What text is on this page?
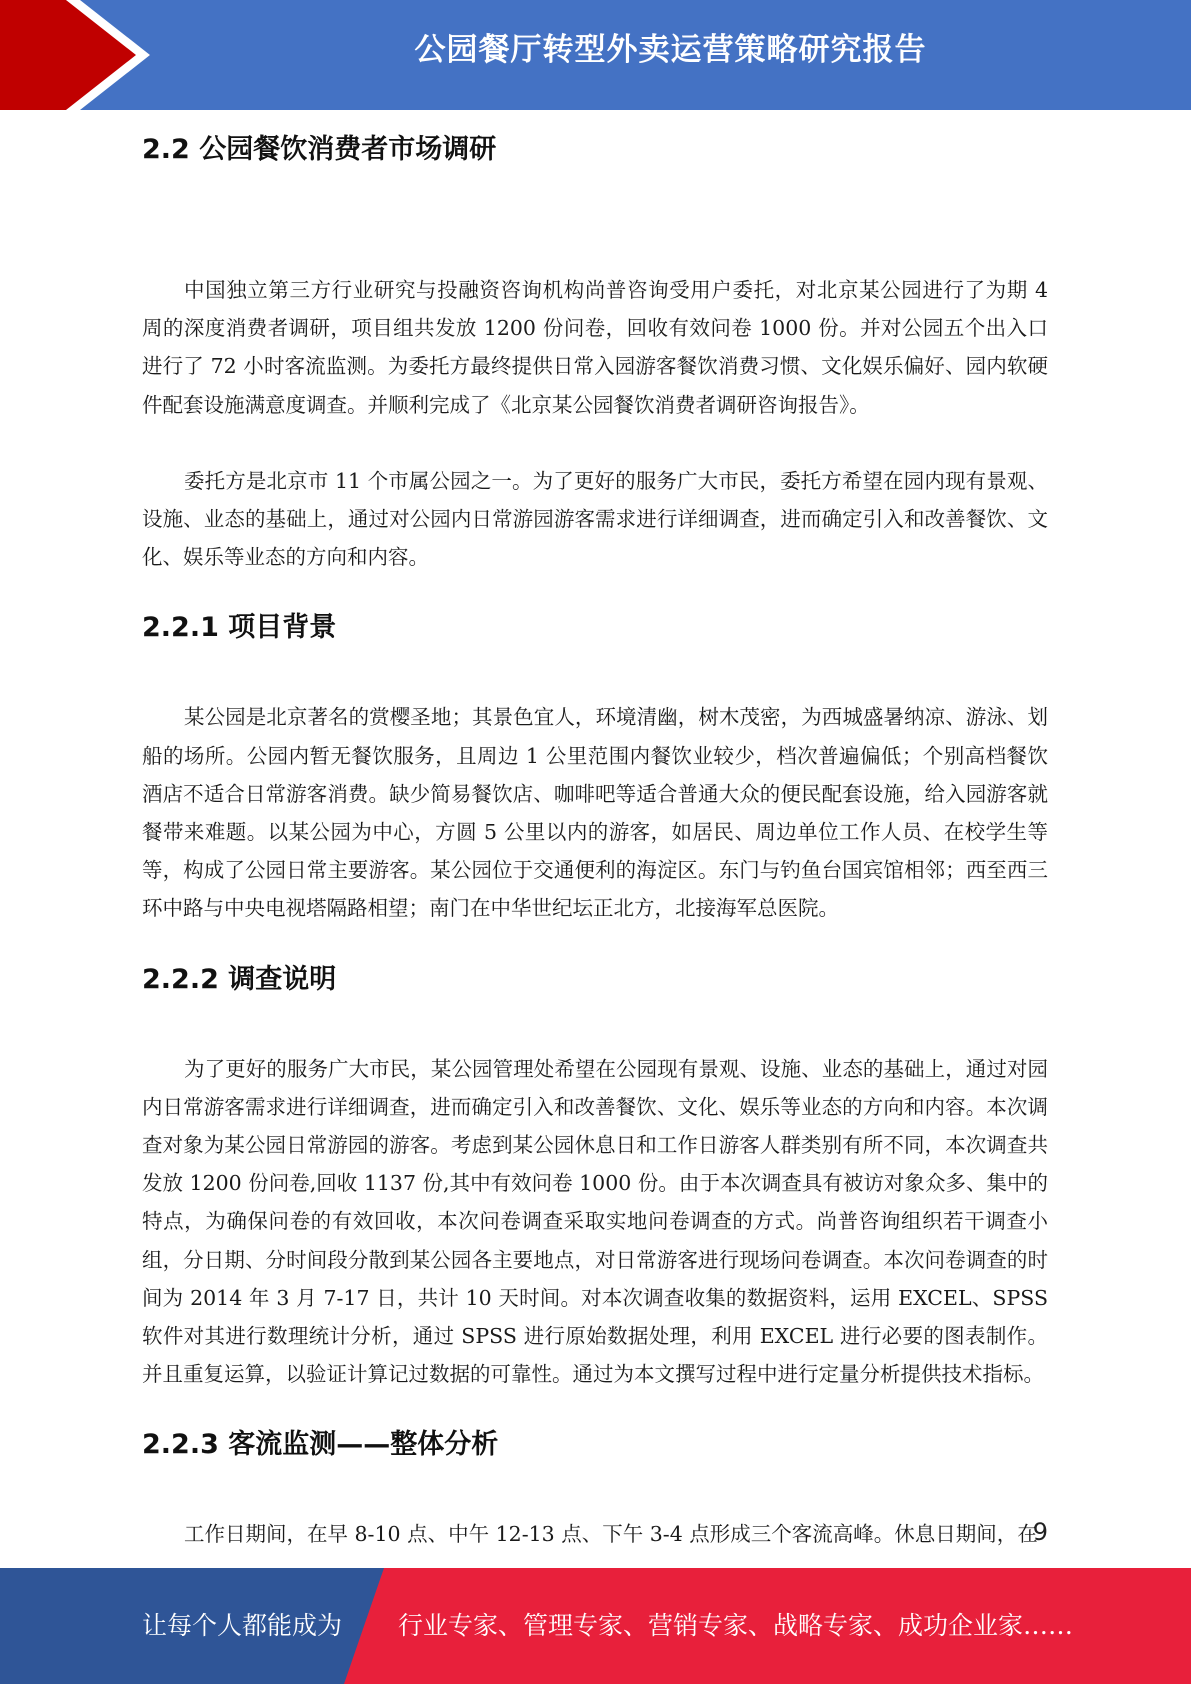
公园餐厅转型外卖运营策略研究报告
2.2 公园餐饮消费者市场调研

中国独立第三方行业研究与投融资咨询机构尚普咨询受用户委托，对北京某公园进行了为期 4 周的深度消费者调研，项目组共发放 1200 份问卷，回收有效问卷 1000 份。并对公园五个出入口进行了 72 小时客流监测。为委托方最终提供日常入园游客餐饮消费习惯、文化娱乐偏好、园内软硬件配套设施满意度调查。并顺利完成了《北京某公园餐饮消费者调研咨询报告》。

委托方是北京市 11 个市属公园之一。为了更好的服务广大市民，委托方希望在园内现有景观、设施、业态的基础上，通过对公园内日常游园游客需求进行详细调查，进而确定引入和改善餐饮、文化、娱乐等业态的方向和内容。

2.2.1 项目背景

某公园是北京著名的赏樱圣地；其景色宜人，环境清幽，树木茂密，为西城盛暑纳凉、游泳、划船的场所。公园内暂无餐饮服务，且周边 1 公里范围内餐饮业较少，档次普遍偏低；个别高档餐饮酒店不适合日常游客消费。缺少简易餐饮店、咖啡吧等适合普通大众的便民配套设施，给入园游客就餐带来难题。以某公园为中心，方圆 5 公里以内的游客，如居民、周边单位工作人员、在校学生等等，构成了公园日常主要游客。某公园位于交通便利的海淀区。东门与钓鱼台国宾馆相邻；西至西三环中路与中央电视塔隔路相望；南门在中华世纪坛正北方，北接海军总医院。

2.2.2 调查说明

为了更好的服务广大市民，某公园管理处希望在公园现有景观、设施、业态的基础上，通过对园内日常游客需求进行详细调查，进而确定引入和改善餐饮、文化、娱乐等业态的方向和内容。本次调查对象为某公园日常游园的游客。考虑到某公园休息日和工作日游客人群类别有所不同，本次调查共发放 1200 份问卷,回收 1137 份,其中有效问卷 1000 份。由于本次调查具有被访对象众多、集中的特点，为确保问卷的有效回收，本次问卷调查采取实地问卷调查的方式。尚普咨询组织若干调查小组，分日期、分时间段分散到某公园各主要地点，对日常游客进行现场问卷调查。本次问卷调查的时间为 2014 年 3 月 7-17 日，共计 10 天时间。对本次调查收集的数据资料，运用 EXCEL、SPSS 软件对其进行数理统计分析，通过 SPSS 进行原始数据处理，利用 EXCEL 进行必要的图表制作。并且重复运算，以验证计算记过数据的可靠性。通过为本文撰写过程中进行定量分析提供技术指标。

2.2.3 客流监测——整体分析

工作日期间，在早 8-10 点、中午 12-13 点、下午 3-4 点形成三个客流高峰。休息日期间，在

9
让每个人都能成为 行业专家、管理专家、营销专家、战略专家、成功企业家……
